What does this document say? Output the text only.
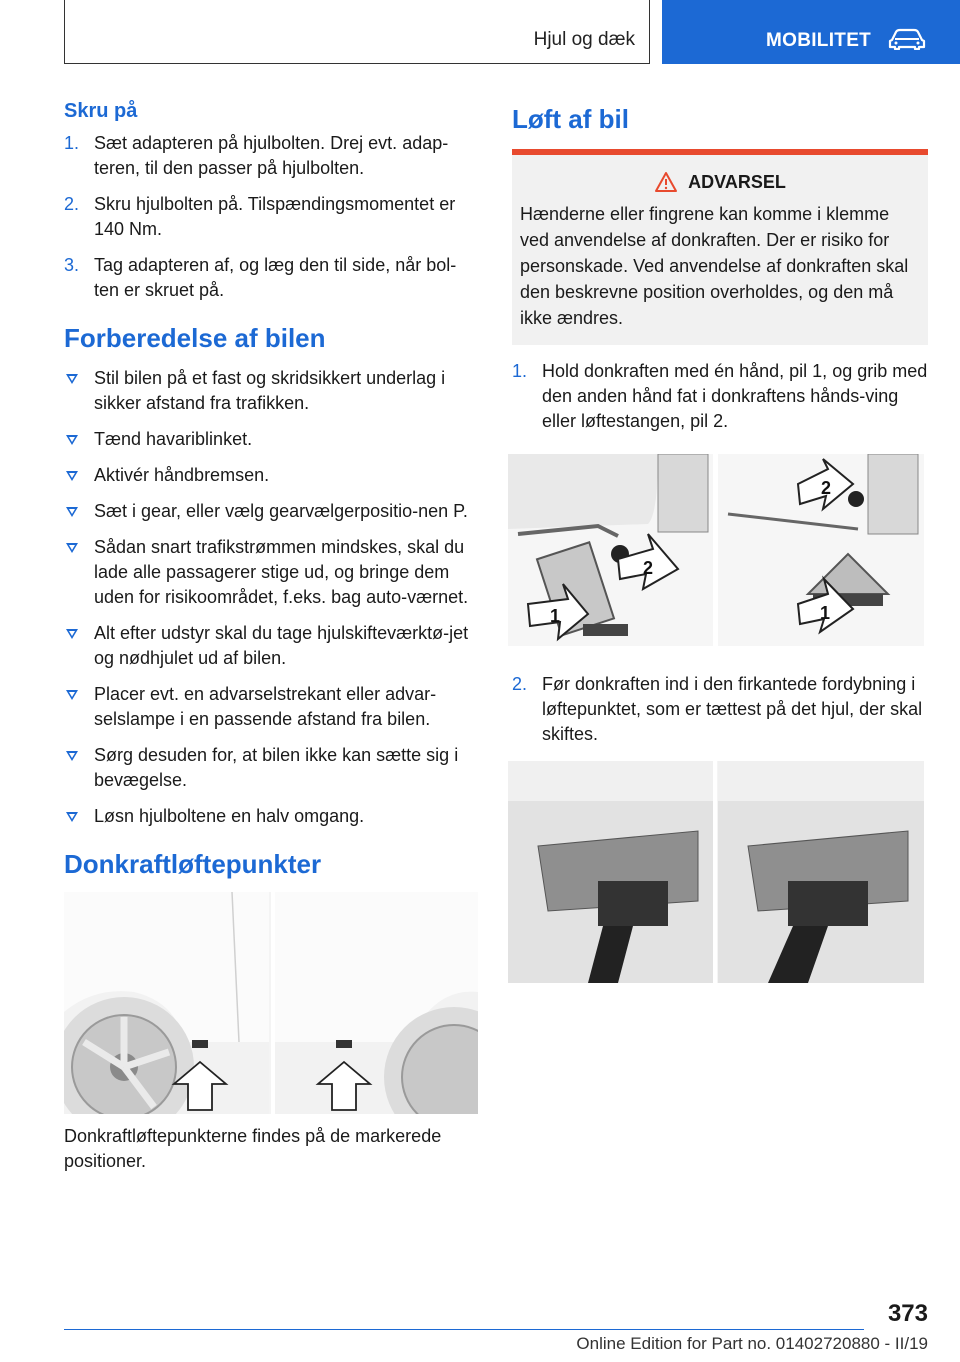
Hjul og dæk	MOBILITET
Skru på
1. Sæt adapteren på hjulbolten. Drej evt. adap-teren, til den passer på hjulbolten.
2. Skru hjulbolten på. Tilspændingsmomentet er 140 Nm.
3. Tag adapteren af, og læg den til side, når bol-ten er skruet på.
Forberedelse af bilen
Stil bilen på et fast og skridsikkert underlag i sikker afstand fra trafikken.
Tænd havariblinket.
Aktivér håndbremsen.
Sæt i gear, eller vælg gearvælgerpositio-nen P.
Sådan snart trafikstrømmen mindskes, skal du lade alle passagerer stige ud, og bringe dem uden for risikoområdet, f.eks. bag auto-værnet.
Alt efter udstyr skal du tage hjulskifteværktø-jet og nødhjulet ud af bilen.
Placer evt. en advarselstrekant eller advar-selslampe i en passende afstand fra bilen.
Sørg desuden for, at bilen ikke kan sætte sig i bevægelse.
Løsn hjulboltene en halv omgang.
Donkraftløftepunkter

Donkraftløftepunkterne findes på de markerede positioner.

Løft af bil
ADVARSEL

Hænderne eller fingrene kan komme i klemme ved anvendelse af donkraften. Der er risiko for personskade. Ved anvendelse af donkraften skal den beskrevne position overholdes, og den må ikke ændres.

1. Hold donkraften med én hånd, pil 1, og grib med den anden hånd fat i donkraftens hånds-ving eller løftestangen, pil 2.
1
2
2
1
2. Før donkraften ind i den firkantede fordybning i løftepunktet, som er tættest på det hjul, der skal skiftes.
373
Online Edition for Part no. 01402720880 - II/19
